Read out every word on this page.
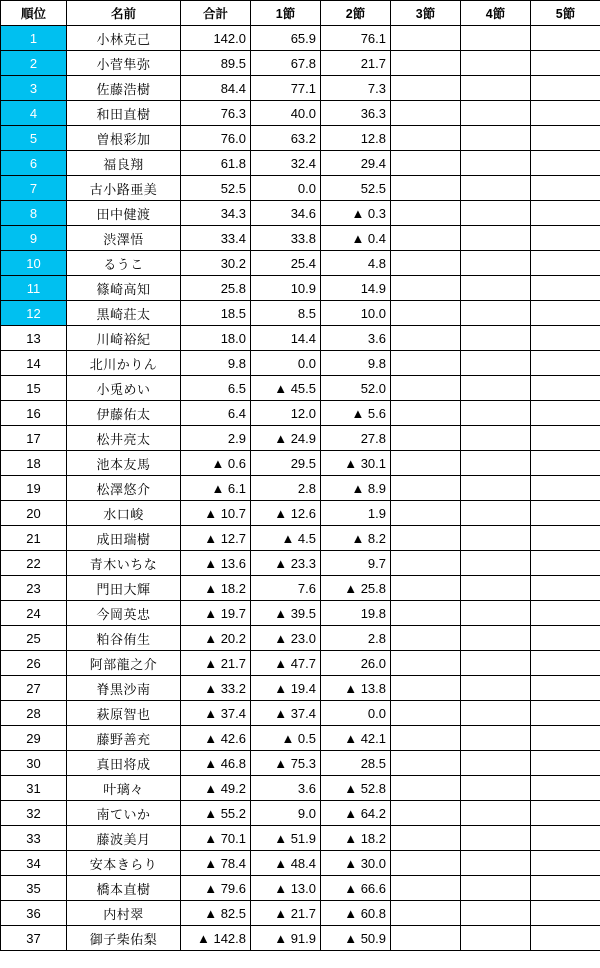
順位	名前	合計	1節	2節	3節	4節	5節
1	小林克己	142.0	65.9	76.1			
2	小菅隼弥	89.5	67.8	21.7			
3	佐藤浩樹	84.4	77.1	7.3			
4	和田直樹	76.3	40.0	36.3			
5	曽根彩加	76.0	63.2	12.8			
6	福良翔	61.8	32.4	29.4			
7	古小路亜美	52.5	0.0	52.5			
8	田中健渡	34.3	34.6	▲ 0.3			
9	渋澤悟	33.4	33.8	▲ 0.4			
10	るうこ	30.2	25.4	4.8			
11	篠崎高知	25.8	10.9	14.9			
12	黒崎荘太	18.5	8.5	10.0			
13	川崎裕紀	18.0	14.4	3.6			
14	北川かりん	9.8	0.0	9.8			
15	小兎めい	6.5	▲ 45.5	52.0			
16	伊藤佑太	6.4	12.0	▲ 5.6			
17	松井亮太	2.9	▲ 24.9	27.8			
18	池本友馬	▲ 0.6	29.5	▲ 30.1			
19	松澤悠介	▲ 6.1	2.8	▲ 8.9			
20	水口峻	▲ 10.7	▲ 12.6	1.9			
21	成田瑞樹	▲ 12.7	▲ 4.5	▲ 8.2			
22	青木いちな	▲ 13.6	▲ 23.3	9.7			
23	門田大輝	▲ 18.2	7.6	▲ 25.8			
24	今岡英忠	▲ 19.7	▲ 39.5	19.8			
25	粕谷侑生	▲ 20.2	▲ 23.0	2.8			
26	阿部龍之介	▲ 21.7	▲ 47.7	26.0			
27	脊黒沙南	▲ 33.2	▲ 19.4	▲ 13.8			
28	萩原智也	▲ 37.4	▲ 37.4	0.0			
29	藤野善充	▲ 42.6	▲ 0.5	▲ 42.1			
30	真田将成	▲ 46.8	▲ 75.3	28.5			
31	叶璃々	▲ 49.2	3.6	▲ 52.8			
32	南ていか	▲ 55.2	9.0	▲ 64.2			
33	藤波美月	▲ 70.1	▲ 51.9	▲ 18.2			
34	安本きらり	▲ 78.4	▲ 48.4	▲ 30.0			
35	橋本直樹	▲ 79.6	▲ 13.0	▲ 66.6			
36	内村翠	▲ 82.5	▲ 21.7	▲ 60.8			
37	御子柴佑梨	▲ 142.8	▲ 91.9	▲ 50.9			
